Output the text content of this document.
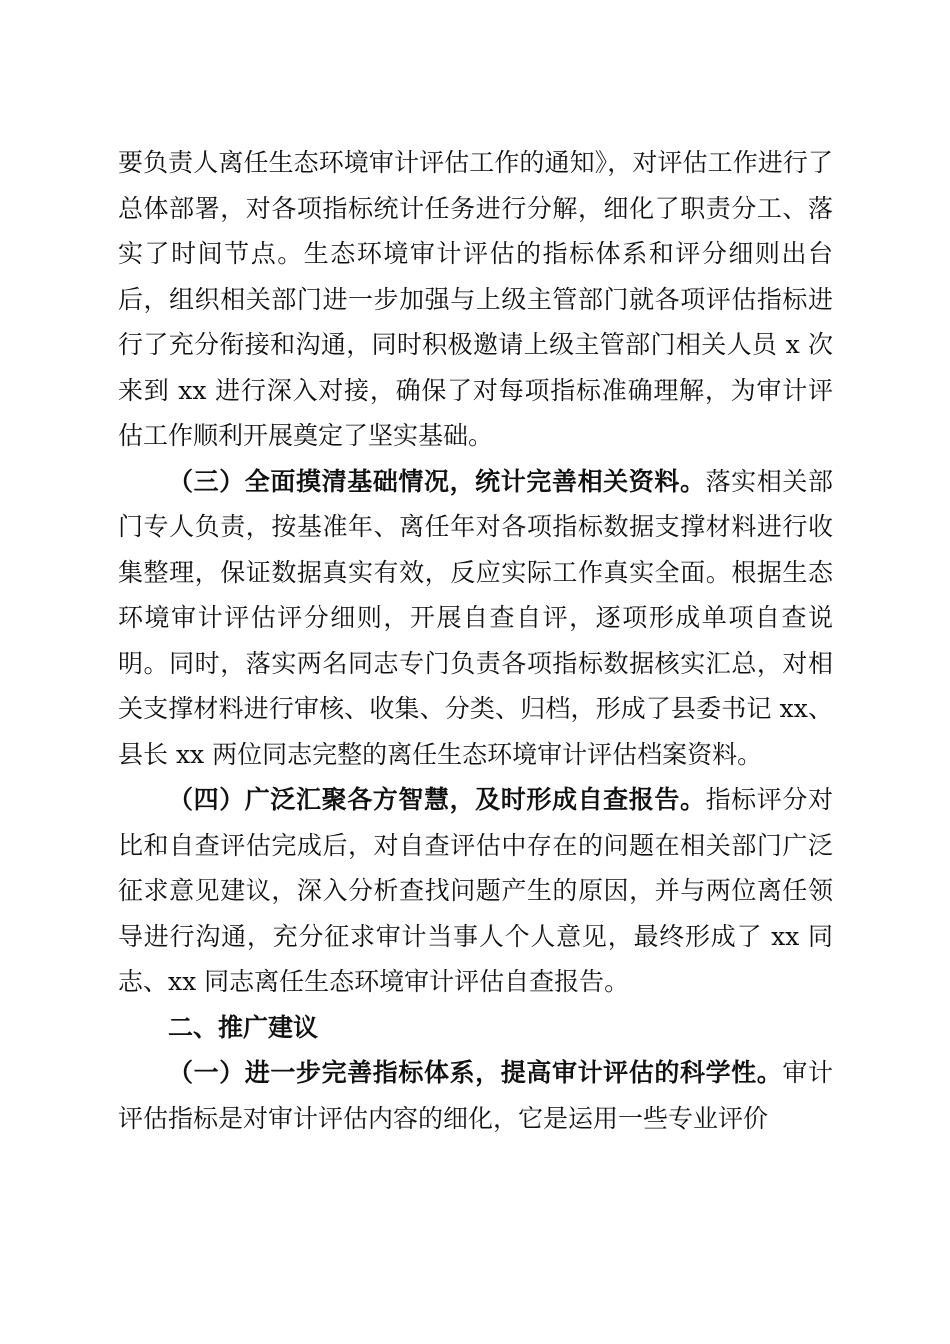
要负责人离任生态环境审计评估工作的通知》，对评估工作进行了总体部署，对各项指标统计任务进行分解，细化了职责分工、落实了时间节点。生态环境审计评估的指标体系和评分细则出台后，组织相关部门进一步加强与上级主管部门就各项评估指标进行了充分衔接和沟通，同时积极邀请上级主管部门相关人员 x 次来到 xx 进行深入对接，确保了对每项指标准确理解，为审计评估工作顺利开展奠定了坚实基础。

（三）全面摸清基础情况，统计完善相关资料。落实相关部门专人负责，按基准年、离任年对各项指标数据支撑材料进行收集整理，保证数据真实有效，反应实际工作真实全面。根据生态环境审计评估评分细则，开展自查自评，逐项形成单项自查说明。同时，落实两名同志专门负责各项指标数据核实汇总，对相关支撑材料进行审核、收集、分类、归档，形成了县委书记 xx、县长 xx 两位同志完整的离任生态环境审计评估档案资料。

（四）广泛汇聚各方智慧，及时形成自查报告。指标评分对比和自查评估完成后，对自查评估中存在的问题在相关部门广泛征求意见建议，深入分析查找问题产生的原因，并与两位离任领导进行沟通，充分征求审计当事人个人意见，最终形成了 xx 同志、xx 同志离任生态环境审计评估自查报告。

二、推广建议

（一）进一步完善指标体系，提高审计评估的科学性。审计评估指标是对审计评估内容的细化，它是运用一些专业评价
